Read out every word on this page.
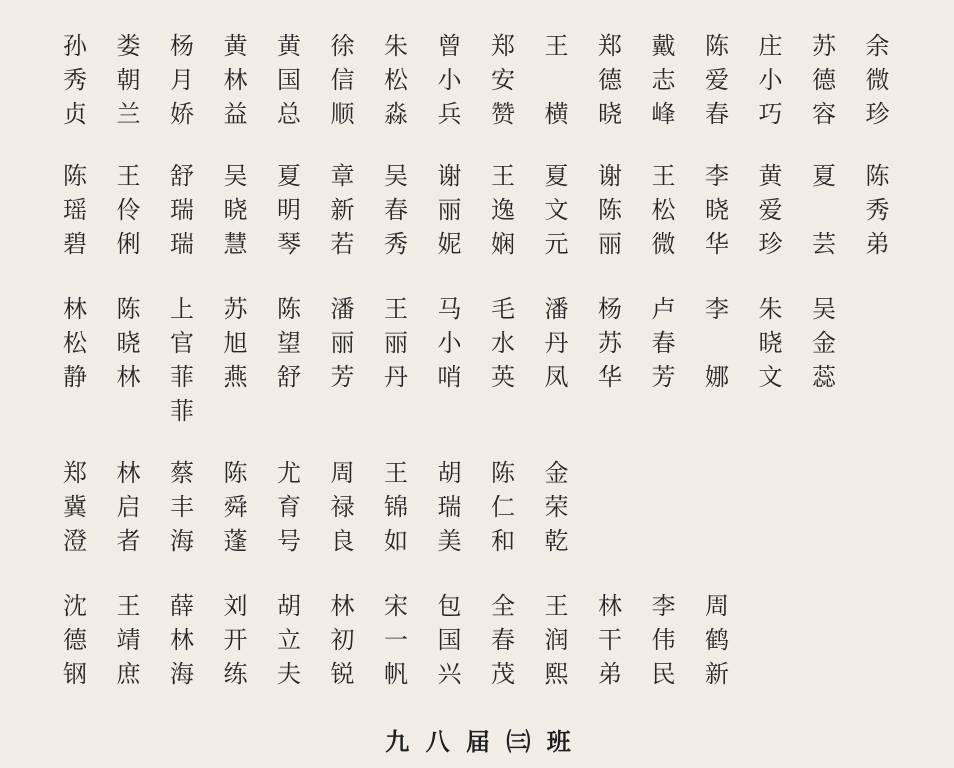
孙
秀
贞
娄
朝
兰
杨
月
娇
黄
林
益
黄
国
总
徐
信
顺
朱
松
淼
曾
小
兵
郑
安
赞
王
横
郑
德
晓
戴
志
峰
陈
爱
春
庄
小
巧
苏
德
容
余
微
珍
陈
瑶
碧
王
伶
俐
舒
瑞
瑞
吴
晓
慧
夏
明
琴
章
新
若
吴
春
秀
谢
丽
妮
王
逸
娴
夏
文
元
谢
陈
丽
王
松
微
李
晓
华
黄
爱
珍
夏
芸
陈
秀
弟
林
松
静
陈
晓
林
上
官
菲
菲
苏
旭
燕
陈
望
舒
潘
丽
芳
王
丽
丹
马
小
哨
毛
水
英
潘
丹
凤
杨
苏
华
卢
春
芳
李
娜
朱
晓
文
吴
金
蕊
郑
冀
澄
林
启
者
蔡
丰
海
陈
舜
蓬
尤
育
号
周
禄
良
王
锦
如
胡
瑞
美
陈
仁
和
金
荣
乾
沈
德
钢
王
靖
庶
薛
林
海
刘
开
练
胡
立
夫
林
初
锐
宋
一
帆
包
国
兴
全
春
茂
王
润
熙
林
干
弟
李
伟
民
周
鹤
新
九 八 届 ㈢ 班
